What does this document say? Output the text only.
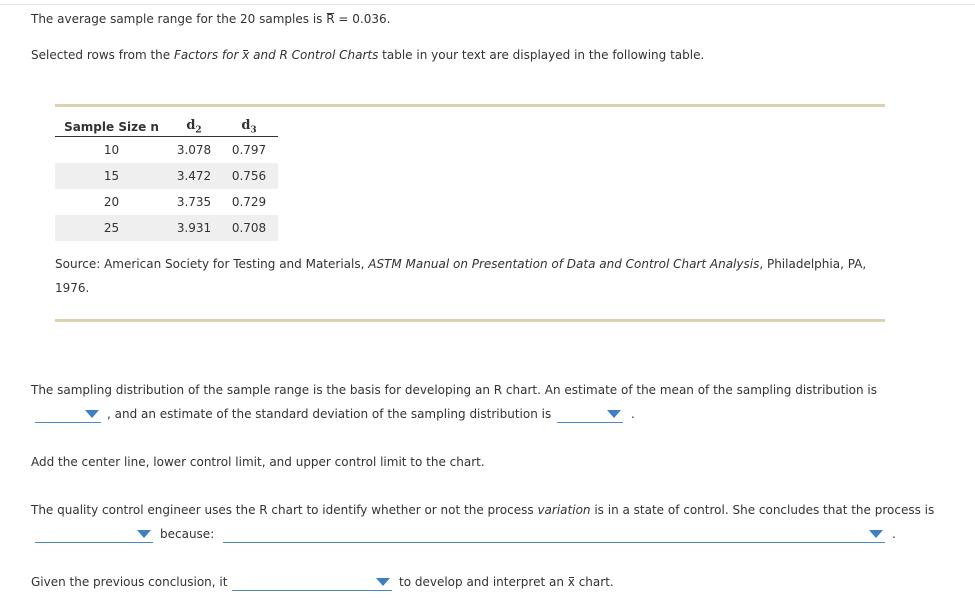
The average sample range for the 20 samples is R = 0.036.
Selected rows from the Factors for x and R Control Charts table in your text are displayed in the following table.
Sample Size n	$d_2$	$d_3$
10	3.078	0.797
15	3.472	0.756
20	3.735	0.729
25	3.931	0.708
Source: American Society for Testing and Materials, ASTM Manual on Presentation of Data and Control Chart Analysis, Philadelphia, PA,
1976.
The sampling distribution of the sample range is the basis for developing an R chart. An estimate of the mean of the sampling distribution is
, and an estimate of the standard deviation of the sampling distribution is	.
Add the center line, lower control limit, and upper control limit to the chart.
The quality control engineer uses the R chart to identify whether or not the process variation is in a state of control. She concludes that the process is
because:	.
Given the previous conclusion, it	to develop and interpret an x chart.
